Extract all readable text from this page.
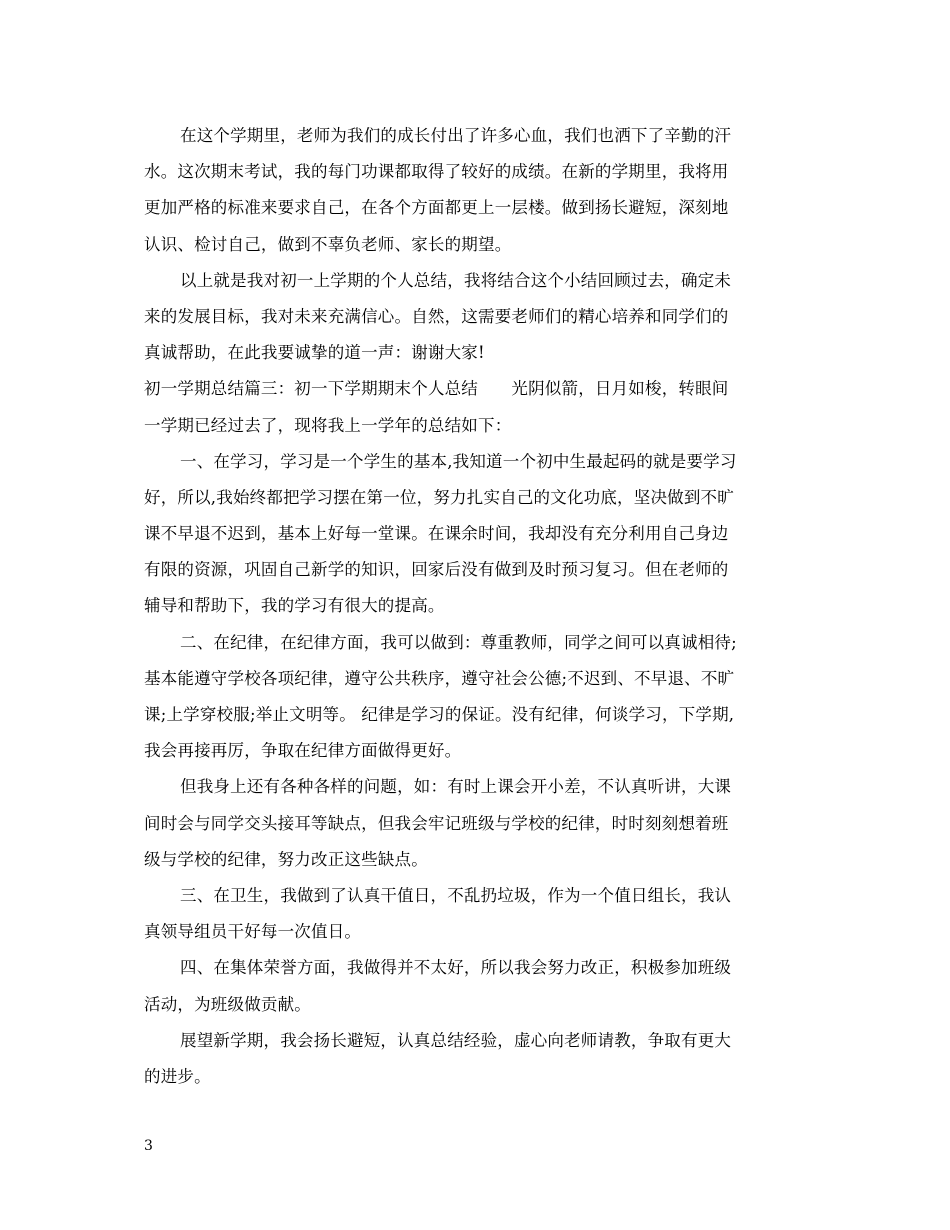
在这个学期里，老师为我们的成长付出了许多心血，我们也洒下了辛勤的汗
水。这次期末考试，我的每门功课都取得了较好的成绩。在新的学期里，我将用
更加严格的标准来要求自己，在各个方面都更上一层楼。做到扬长避短，深刻地
认识、检讨自己，做到不辜负老师、家长的期望。
以上就是我对初一上学期的个人总结，我将结合这个小结回顾过去，确定未
来的发展目标，我对未来充满信心。自然，这需要老师们的精心培养和同学们的
真诚帮助，在此我要诚挚的道一声：谢谢大家!
初一学期总结篇三：初一下学期期末个人总结　　光阴似箭，日月如梭，转眼间
一学期已经过去了，现将我上一学年的总结如下：
一、在学习，学习是一个学生的基本,我知道一个初中生最起码的就是要学习
好，所以,我始终都把学习摆在第一位，努力扎实自己的文化功底，坚决做到不旷
课不早退不迟到，基本上好每一堂课。在课余时间，我却没有充分利用自己身边
有限的资源，巩固自己新学的知识，回家后没有做到及时预习复习。但在老师的
辅导和帮助下，我的学习有很大的提高。
二、在纪律，在纪律方面，我可以做到：尊重教师，同学之间可以真诚相待;
基本能遵守学校各项纪律，遵守公共秩序，遵守社会公德;不迟到、不早退、不旷
课;上学穿校服;举止文明等。 纪律是学习的保证。没有纪律，何谈学习，下学期,
我会再接再厉，争取在纪律方面做得更好。
但我身上还有各种各样的问题，如：有时上课会开小差，不认真听讲，大课
间时会与同学交头接耳等缺点，但我会牢记班级与学校的纪律，时时刻刻想着班
级与学校的纪律，努力改正这些缺点。
三、在卫生，我做到了认真干值日，不乱扔垃圾，作为一个值日组长，我认
真领导组员干好每一次值日。
四、在集体荣誉方面，我做得并不太好，所以我会努力改正，积极参加班级
活动，为班级做贡献。
展望新学期，我会扬长避短，认真总结经验，虚心向老师请教，争取有更大
的进步。
3
